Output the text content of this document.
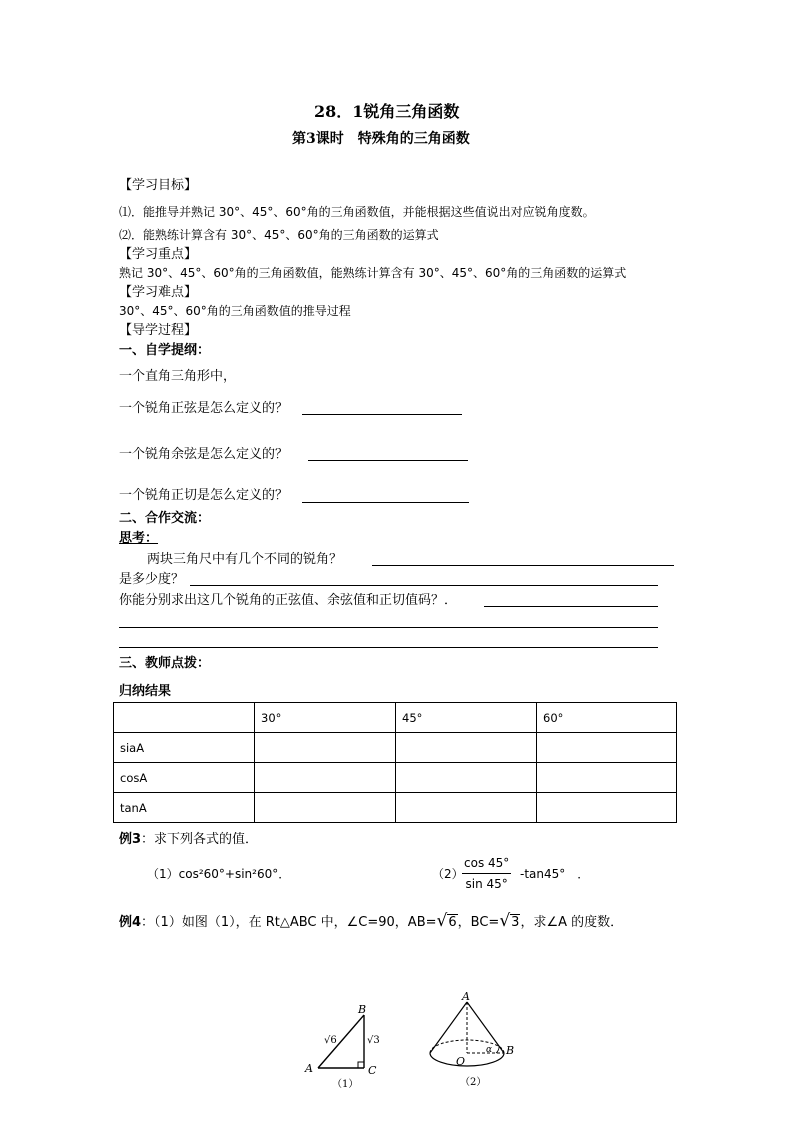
28．1锐角三角函数
第3课时　特殊角的三角函数
【学习目标】
⑴．能推导并熟记 30°、45°、60°角的三角函数值，并能根据这些值说出对应锐角度数。
⑵．能熟练计算含有 30°、45°、60°角的三角函数的运算式
【学习重点】
熟记 30°、45°、60°角的三角函数值，能熟练计算含有 30°、45°、60°角的三角函数的运算式
【学习难点】
30°、45°、60°角的三角函数值的推导过程
【导学过程】
一、自学提纲：
一个直角三角形中，
一个锐角正弦是怎么定义的？
一个锐角余弦是怎么定义的？
一个锐角正切是怎么定义的？
二、合作交流：
思考：
两块三角尺中有几个不同的锐角？
是多少度？
你能分别求出这几个锐角的正弦值、余弦值和正切值码？．
三、教师点拨：
归纳结果
	30°	45°	60°
siaA			
cosA			
tanA			
例3：求下列各式的值．
（1）cos²60°+sin²60°．	（2）
$\frac{\cos 45^\circ}{\sin 45^\circ} -\tan 45^\circ$　．
例4：（1）如图（1），在 Rt△ABC 中，∠C=90，AB=√6，BC=√3，求∠A 的度数．
A
B
C
√6	√3
（1）
A
O
B
α
（2）
